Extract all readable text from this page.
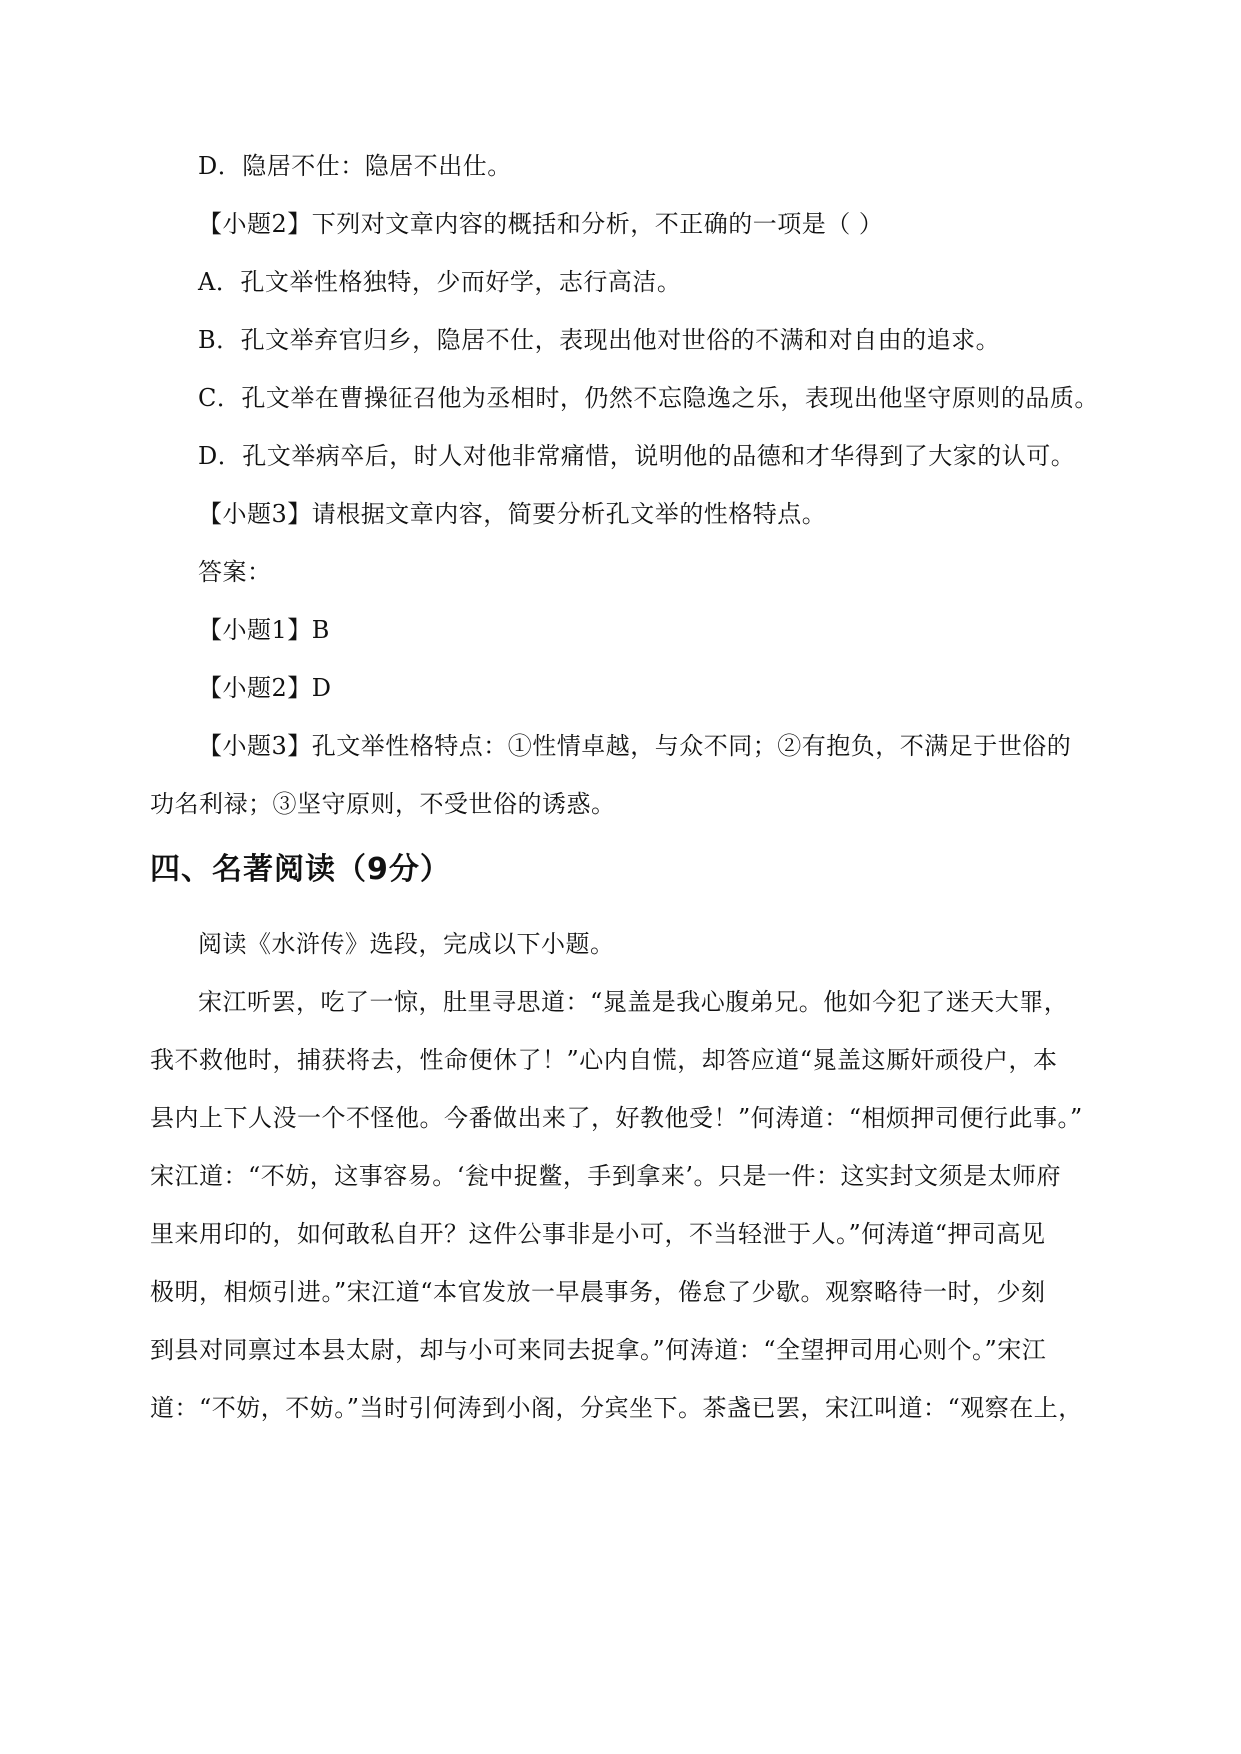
D．隐居不仕：隐居不出仕。
【小题2】下列对文章内容的概括和分析，不正确的一项是（ ）
A．孔文举性格独特，少而好学，志行高洁。
B．孔文举弃官归乡，隐居不仕，表现出他对世俗的不满和对自由的追求。
C．孔文举在曹操征召他为丞相时，仍然不忘隐逸之乐，表现出他坚守原则的品质。
D．孔文举病卒后，时人对他非常痛惜，说明他的品德和才华得到了大家的认可。
【小题3】请根据文章内容，简要分析孔文举的性格特点。
答案：
【小题1】B
【小题2】D
【小题3】孔文举性格特点：①性情卓越，与众不同；②有抱负，不满足于世俗的
功名利禄；③坚守原则，不受世俗的诱惑。
四、名著阅读（9分）
阅读《水浒传》选段，完成以下小题。
宋江听罢，吃了一惊，肚里寻思道：“晁盖是我心腹弟兄。他如今犯了迷天大罪，
我不救他时，捕获将去，性命便休了！”心内自慌，却答应道“晁盖这厮奸顽役户，本
县内上下人没一个不怪他。今番做出来了，好教他受！”何涛道：“相烦押司便行此事。”
宋江道：“不妨，这事容易。‘瓮中捉鳖，手到拿来’。只是一件：这实封文须是太师府
里来用印的，如何敢私自开？这件公事非是小可，不当轻泄于人。”何涛道“押司高见
极明，相烦引进。”宋江道“本官发放一早晨事务，倦怠了少歇。观察略待一时，少刻
到县对同禀过本县太尉，却与小可来同去捉拿。”何涛道：“全望押司用心则个。”宋江
道：“不妨，不妨。”当时引何涛到小阁，分宾坐下。茶盏已罢，宋江叫道：“观察在上，
